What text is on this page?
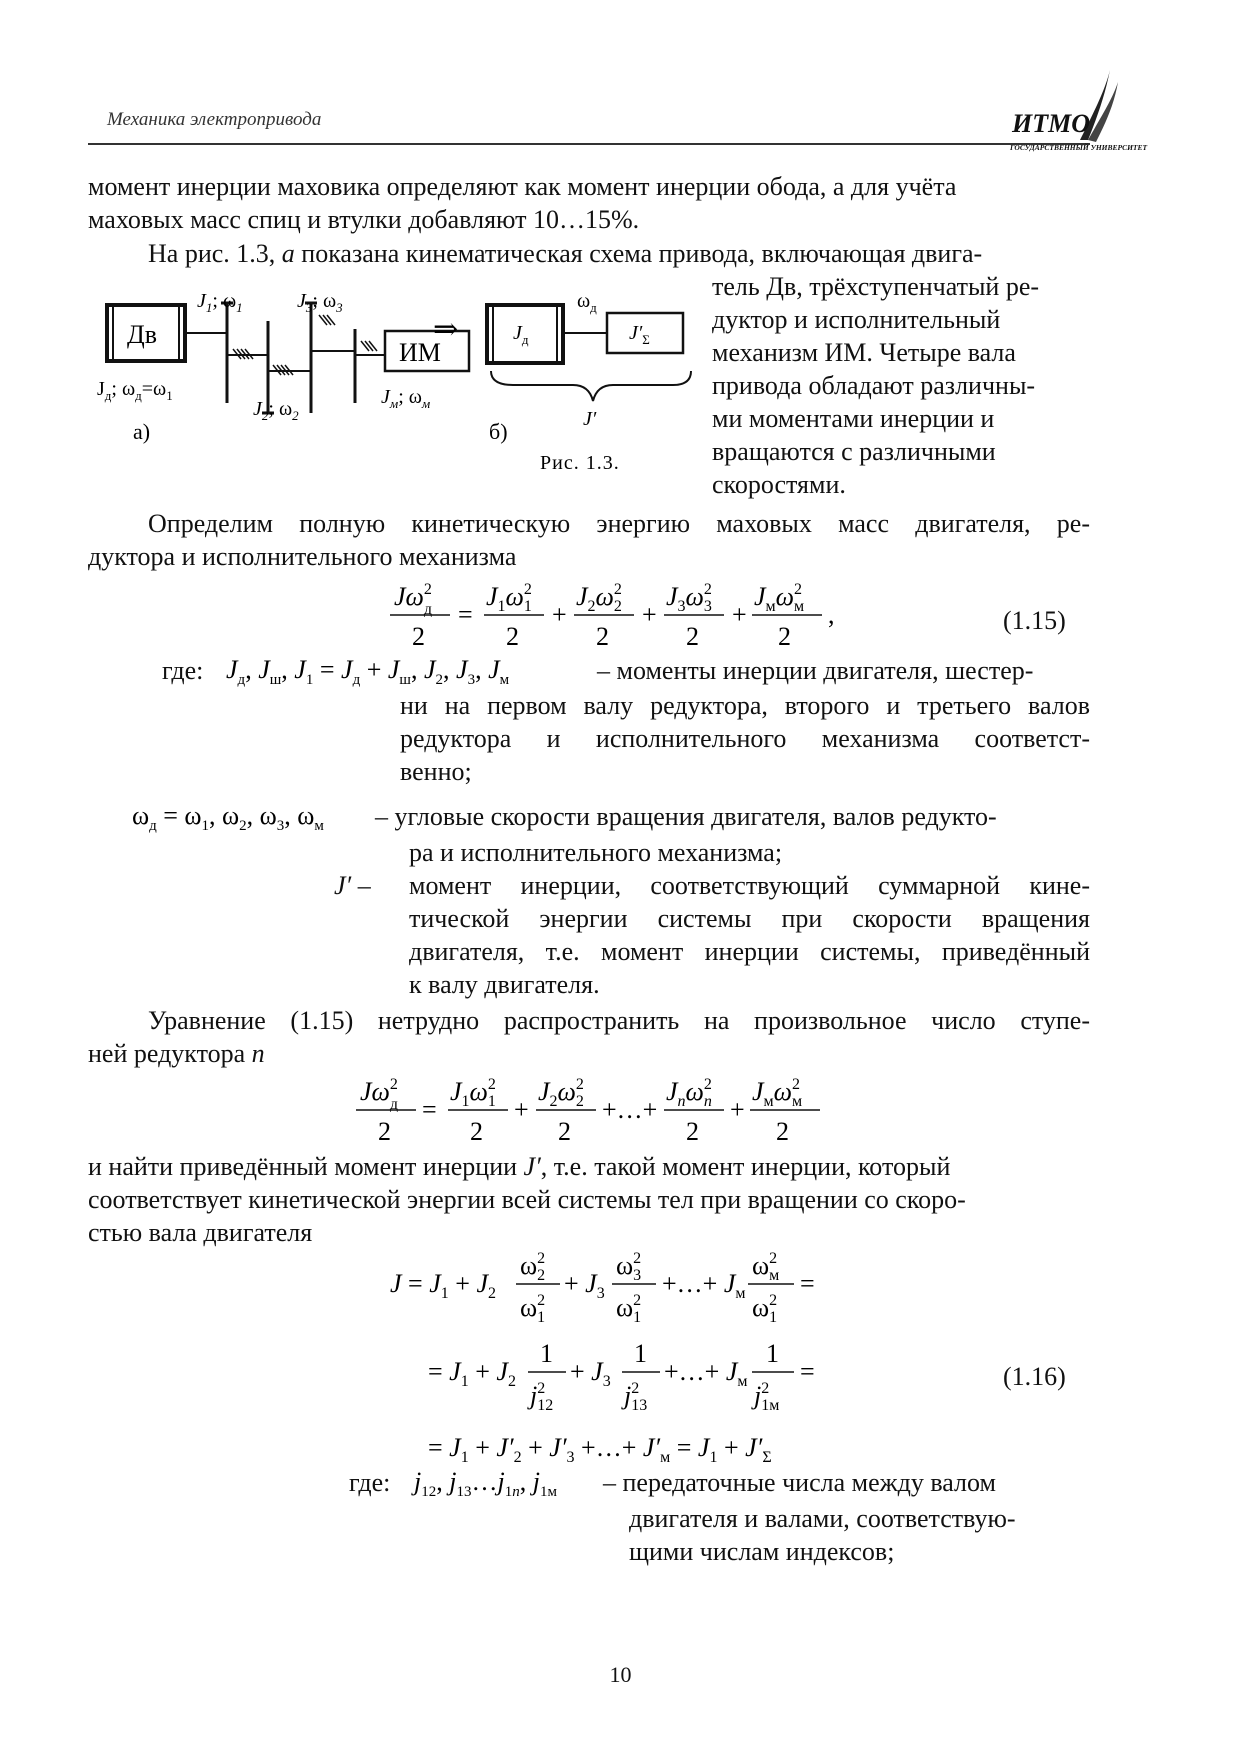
Механика электропривода	ИТМО
ГОСУДАРСТВЕННЫЙ УНИВЕРСИТЕТ
момент инерции маховика определяют как момент инерции обода, а для учёта
маховых масс спиц и втулки добавляют 10…15%.
На рис. 1.3, а показана кинематическая схема привода, включающая двига-
тель Дв, трёхступенчатый ре-
дуктор и исполнительный
механизм ИМ. Четыре вала
привода обладают различны-
ми моментами инерции и
вращаются с различными
скоростями.
Дв
$J_д$; $\omega_д=\omega_1$
$J_1$; $\omega_1$
$J_2$; $\omega_2$
$J_3$; $\omega_3$
ИМ
$J_м$; $\omega_м$
а)
⇒	$J_д$
$\omega_д$
$J'_\Sigma$
J′
б)
Рис. 1.3.
Определим полную кинетическую энергию маховых масс двигателя, ре-
дуктора и исполнительного механизма
$J\omega^2$ д
2
=
$J_1\omega^2$ 1
2
+
$J_2\omega^2$ 2
2
+
$J_3\omega^2$ 3
2
+
$J_м\omega^2$ м
2
,	(1.15)
где: $J_д$, $J_ш$, $J_1 = J_д + J_ш$, $J_2$, $J_3$, $J_м$	– моменты инерции двигателя, шестер-
ни на первом валу редуктора, второго и третьего валов
редуктора и исполнительного механизма соответст-
венно;
$\omega_д = \omega_1$, $\omega_2$, $\omega_3$, $\omega_м$ – угловые скорости вращения двигателя, валов редукто-
ра и исполнительного механизма;
J′ – момент инерции, соответствующий суммарной кине-
тической энергии системы при скорости вращения
двигателя, т.е. момент инерции системы, приведённый
к валу двигателя.
Уравнение (1.15) нетрудно распространить на произвольное число ступе-
ней редуктора n
$J\omega^2$ д
2
=
$J_1\omega^2$ 1
2
+
$J_2\omega^2$ 2
2
+…+
$J_n\omega^2$ n
2
+
$J_м\omega^2$ м
2
и найти приведённый момент инерции J′, т.е. такой момент инерции, который
соответствует кинетической энергии всей системы тел при вращении со скоро-
стью вала двигателя
$J = J_1 + J_2$
$\omega^2$ 2
$\omega^2$ 1
+ $J_3$
$\omega^2$ 3
$\omega^2$ 1
+…+ $J_м$
$\omega^2$ м
$\omega^2$ 1
=
= $J_1 + J_2$
1
$j^2$ 12
+ $J_3$
1
$j^2$ 13
+…+ $J_м$
1
$j^2$ 1м
=
= $J_1 + J'_2 + J'_3$ +…+ $J'_м = J_1 + J'_\Sigma$
(1.16)
где: $j_{12}$, $j_{13}\dots j_1n$, $j_{1м}$ – передаточные числа между валом
двигателя и валами, соответствую-
щими числам индексов;
10
